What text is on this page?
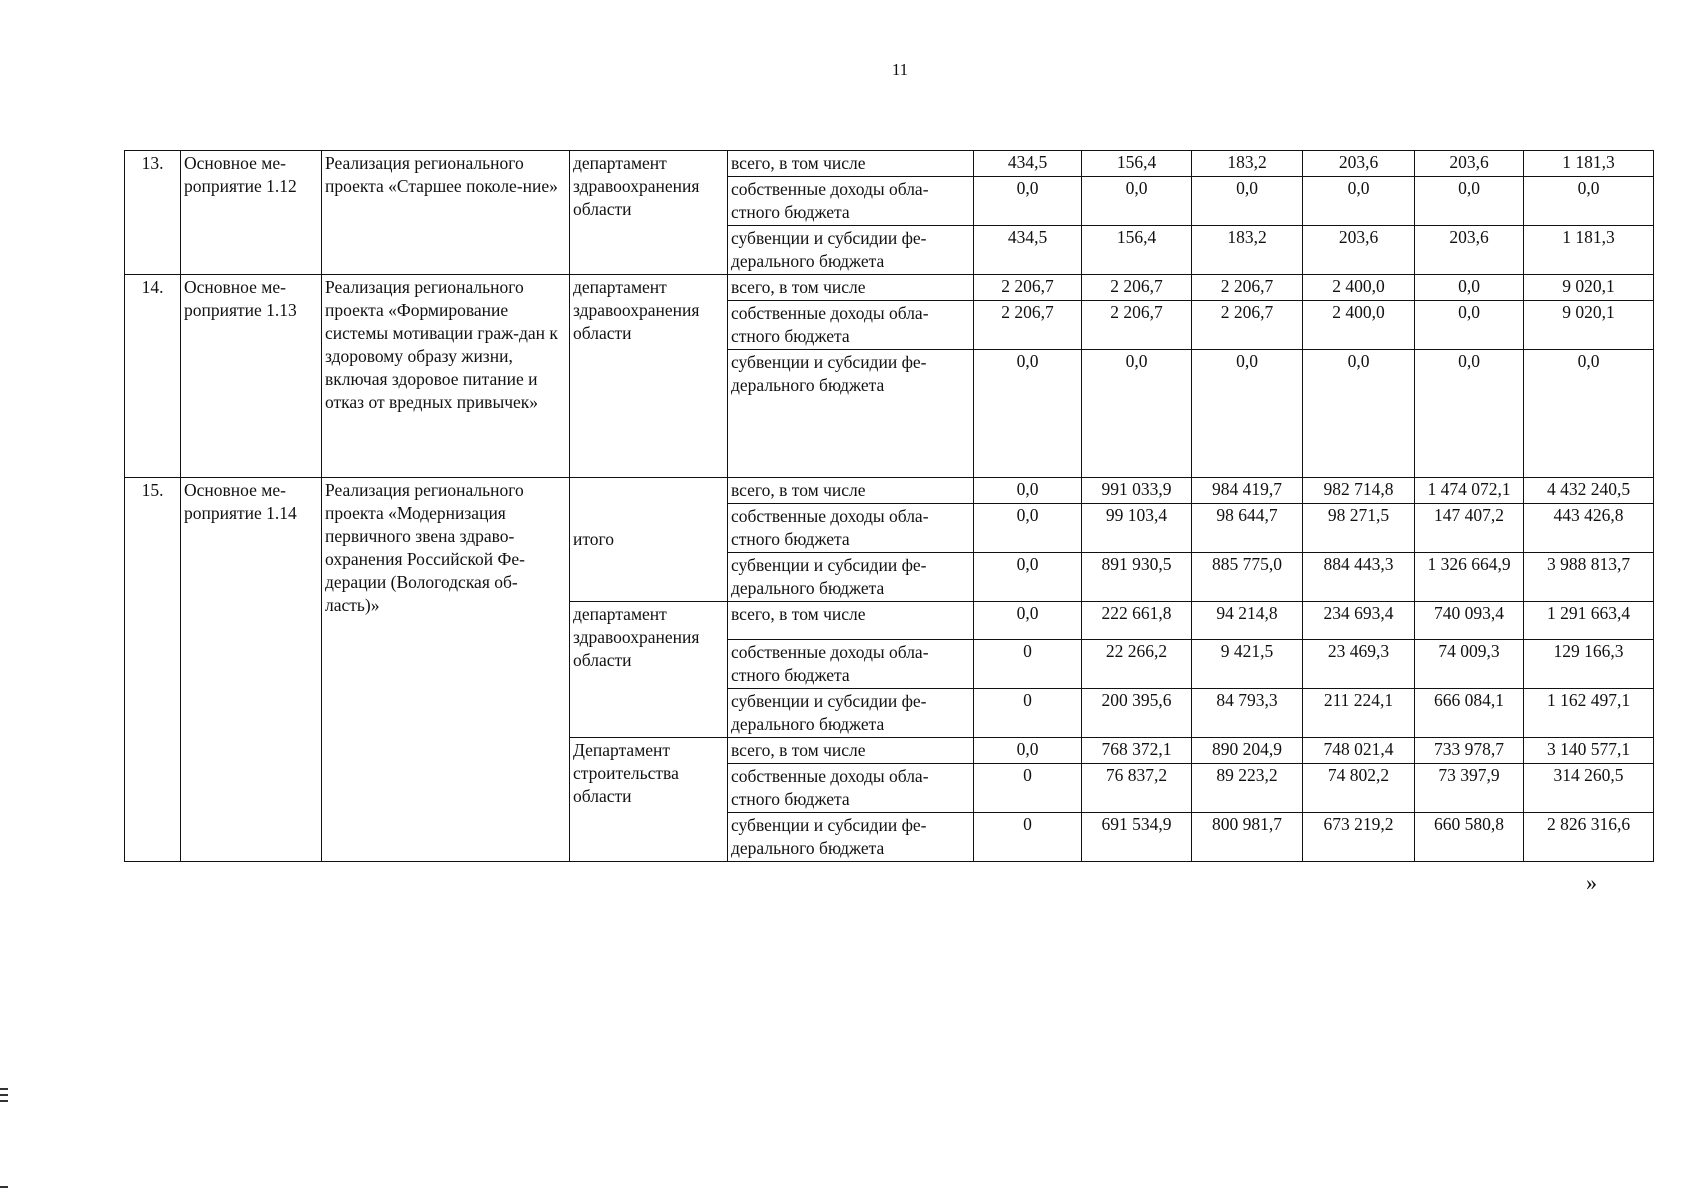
11
13.	Основное ме-роприятие 1.12	Реализация регионального проекта «Старшее поколе-ние»	департамент здравоохранения области	всего, в том числе	434,5	156,4	183,2	203,6	203,6	1 181,3
				собственные доходы обла-стного бюджета	0,0	0,0	0,0	0,0	0,0	0,0
				субвенции и субсидии фе-дерального бюджета	434,5	156,4	183,2	203,6	203,6	1 181,3
14.	Основное ме-роприятие 1.13	Реализация регионального проекта «Формирование системы мотивации граж-дан к здоровому образу жизни, включая здоровое питание и отказ от вредных привычек»	департамент здравоохранения области	всего, в том числе	2 206,7	2 206,7	2 206,7	2 400,0	0,0	9 020,1
				собственные доходы обла-стного бюджета	2 206,7	2 206,7	2 206,7	2 400,0	0,0	9 020,1
				субвенции и субсидии фе-дерального бюджета	0,0	0,0	0,0	0,0	0,0	0,0
15.	Основное ме-роприятие 1.14	Реализация регионального проекта «Модернизация первичного звена здраво-охранения Российской Фе-дерации (Вологодская об-ласть)»	итого	всего, в том числе	0,0	991 033,9	984 419,7	982 714,8	1 474 072,1	4 432 240,5
				собственные доходы обла-стного бюджета	0,0	99 103,4	98 644,7	98 271,5	147 407,2	443 426,8
				субвенции и субсидии фе-дерального бюджета	0,0	891 930,5	885 775,0	884 443,3	1 326 664,9	3 988 813,7
			департамент здравоохранения области	всего, в том числе	0,0	222 661,8	94 214,8	234 693,4	740 093,4	1 291 663,4
				собственные доходы обла-стного бюджета	0	22 266,2	9 421,5	23 469,3	74 009,3	129 166,3
				субвенции и субсидии фе-дерального бюджета	0	200 395,6	84 793,3	211 224,1	666 084,1	1 162 497,1
			Департамент строительства области	всего, в том числе	0,0	768 372,1	890 204,9	748 021,4	733 978,7	3 140 577,1
				собственные доходы обла-стного бюджета	0	76 837,2	89 223,2	74 802,2	73 397,9	314 260,5
				субвенции и субсидии фе-дерального бюджета	0	691 534,9	800 981,7	673 219,2	660 580,8	2 826 316,6
»
